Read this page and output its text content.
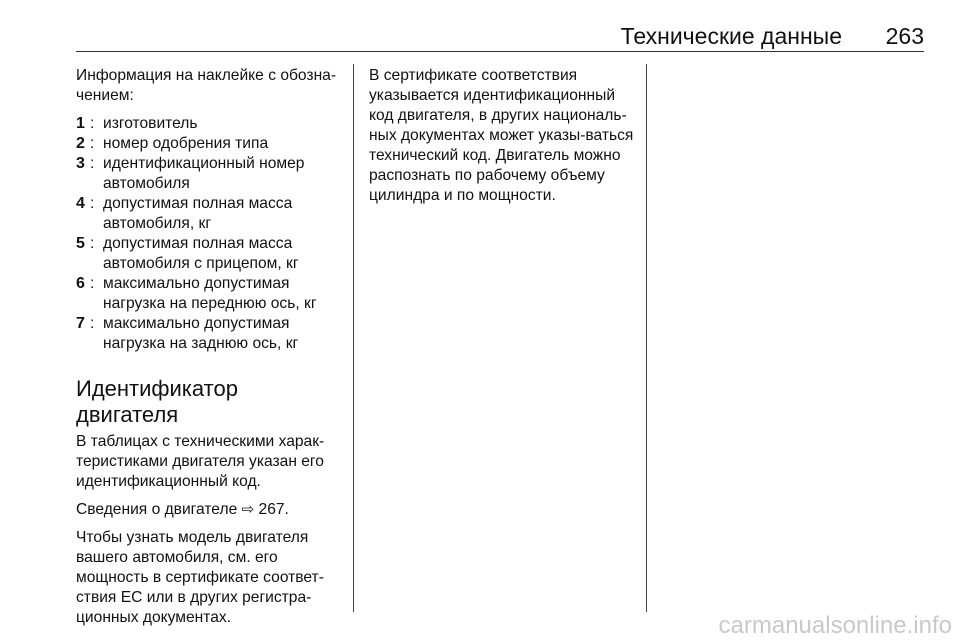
Технические данные 263

Информация на наклейке с обозна-чением:

1 : изготовитель
2 : номер одобрения типа
3 : идентификационный номер автомобиля
4 : допустимая полная масса автомобиля, кг
5 : допустимая полная масса автомобиля с прицепом, кг
6 : максимально допустимая нагрузка на переднюю ось, кг
7 : максимально допустимая нагрузка на заднюю ось, кг
Идентификатор двигателя

В таблицах с техническими харак-теристиками двигателя указан его идентификационный код.

Сведения о двигателе ⇨ 267.

Чтобы узнать модель двигателя вашего автомобиля, см. его мощность в сертификате соответ-ствия ЕС или в других регистра-ционных документах.

В сертификате соответствия указывается идентификационный код двигателя, в других националь-ных документах может указы-ваться технический код. Двигатель можно распознать по рабочему объему цилиндра и по мощности.

carmanualsonline.info
